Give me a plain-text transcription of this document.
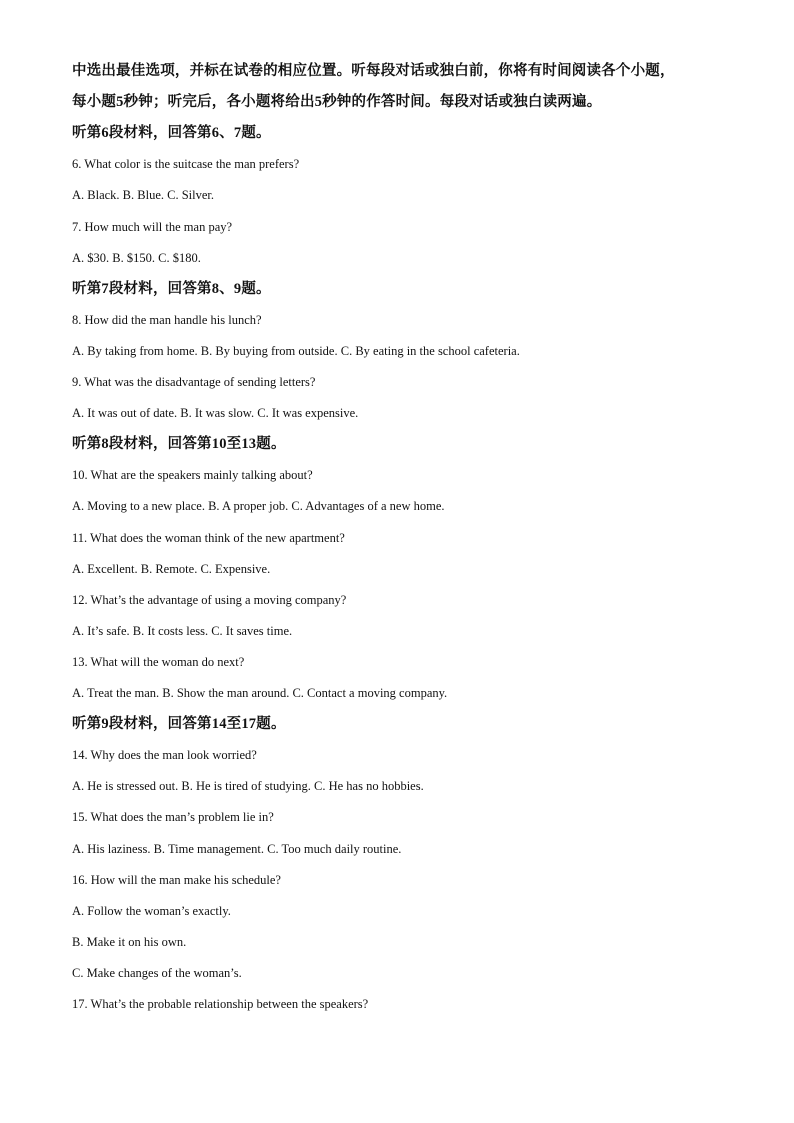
中选出最佳选项，并标在试卷的相应位置。听每段对话或独白前，你将有时间阅读各个小题，
每小题5秒钟；听完后，各小题将给出5秒钟的作答时间。每段对话或独白读两遍。
听第6段材料，回答第6、7题。
6. What color is the suitcase the man prefers?
A. Black. B. Blue. C. Silver.
7. How much will the man pay?
A. $30. B. $150. C. $180.
听第7段材料，回答第8、9题。
8. How did the man handle his lunch?
A. By taking from home. B. By buying from outside. C. By eating in the school cafeteria.
9. What was the disadvantage of sending letters?
A. It was out of date. B. It was slow. C. It was expensive.
听第8段材料，回答第10至13题。
10. What are the speakers mainly talking about?
A. Moving to a new place. B. A proper job. C. Advantages of a new home.
11. What does the woman think of the new apartment?
A. Excellent. B. Remote. C. Expensive.
12. What’s the advantage of using a moving company?
A. It’s safe. B. It costs less. C. It saves time.
13. What will the woman do next?
A. Treat the man. B. Show the man around. C. Contact a moving company.
听第9段材料，回答第14至17题。
14. Why does the man look worried?
A. He is stressed out. B. He is tired of studying. C. He has no hobbies.
15. What does the man’s problem lie in?
A. His laziness. B. Time management. C. Too much daily routine.
16. How will the man make his schedule?
A. Follow the woman’s exactly.
B. Make it on his own.
C. Make changes of the woman’s.
17. What’s the probable relationship between the speakers?
